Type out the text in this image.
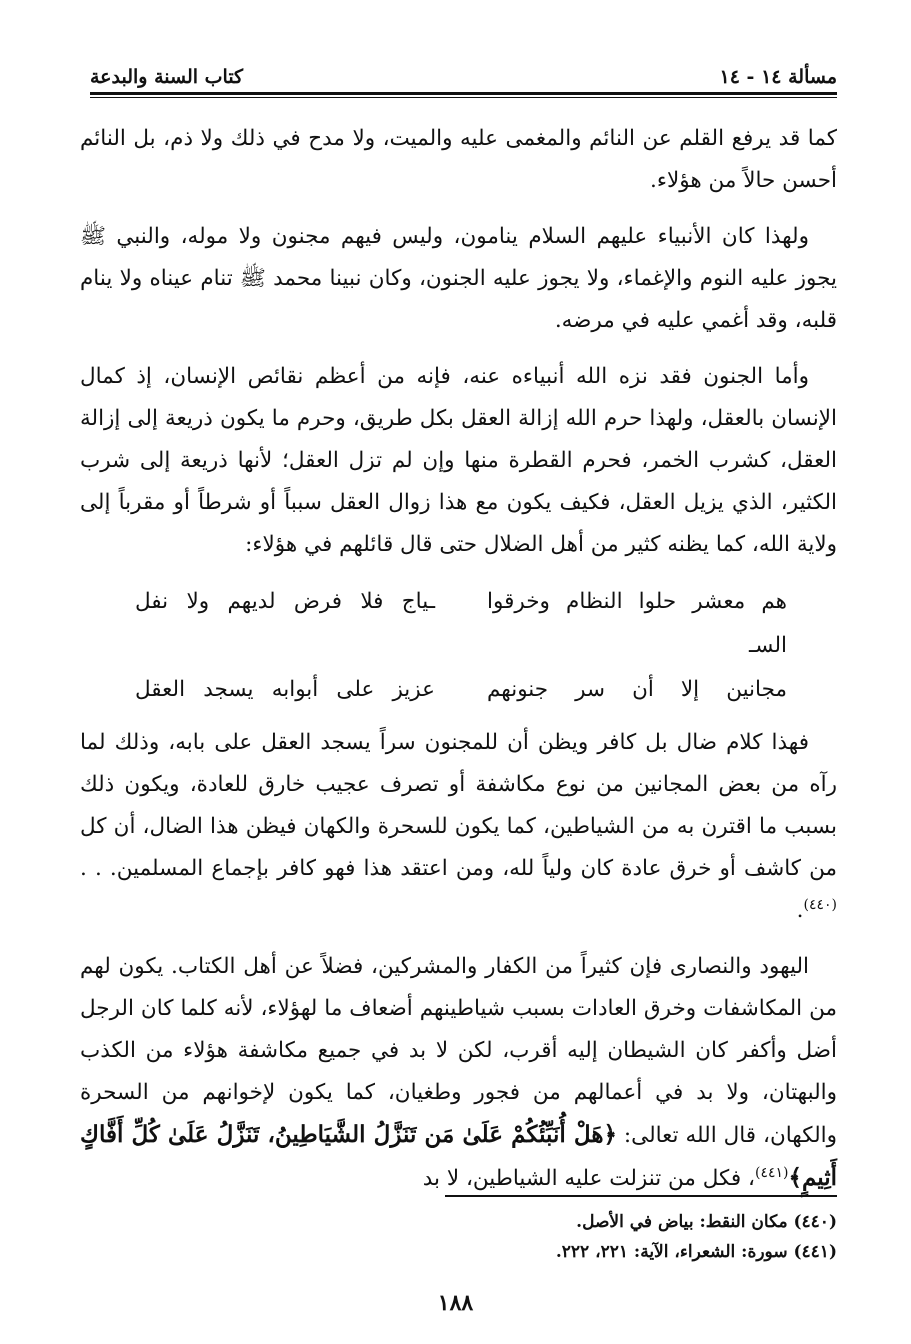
مسألة ١٤ - ١٤
كتاب السنة والبدعة

كما قد يرفع القلم عن النائم والمغمى عليه والميت، ولا مدح في ذلك ولا ذم، بل النائم أحسن حالاً من هؤلاء.

ولهذا كان الأنبياء عليهم السلام ينامون، وليس فيهم مجنون ولا موله، والنبي ﷺ يجوز عليه النوم والإغماء، ولا يجوز عليه الجنون، وكان نبينا محمد ﷺ تنام عيناه ولا ينام قلبه، وقد أغمي عليه في مرضه.

وأما الجنون فقد نزه الله أنبياءه عنه، فإنه من أعظم نقائص الإنسان، إذ كمال الإنسان بالعقل، ولهذا حرم الله إزالة العقل بكل طريق، وحرم ما يكون ذريعة إلى إزالة العقل، كشرب الخمر، فحرم القطرة منها وإن لم تزل العقل؛ لأنها ذريعة إلى شرب الكثير، الذي يزيل العقل، فكيف يكون مع هذا زوال العقل سبباً أو شرطاً أو مقرباً إلى ولاية الله، كما يظنه كثير من أهل الضلال حتى قال قائلهم في هؤلاء:

هم معشر حلوا النظام وخرقوا السـ
ـياج فلا فرض لديهم ولا نفل
مجانين إلا أن سر جنونهم
عزيز على أبوابه يسجد العقل

فهذا كلام ضال بل كافر ويظن أن للمجنون سراً يسجد العقل على بابه، وذلك لما رآه من بعض المجانين من نوع مكاشفة أو تصرف عجيب خارق للعادة، ويكون ذلك بسبب ما اقترن به من الشياطين، كما يكون للسحرة والكهان فيظن هذا الضال، أن كل من كاشف أو خرق عادة كان ولياً لله، ومن اعتقد هذا فهو كافر بإجماع المسلمين. . .$^{(٤٤٠)}$.

اليهود والنصارى فإن كثيراً من الكفار والمشركين، فضلاً عن أهل الكتاب. يكون لهم من المكاشفات وخرق العادات بسبب شياطينهم أضعاف ما لهؤلاء، لأنه كلما كان الرجل أضل وأكفر كان الشيطان إليه أقرب، لكن لا بد في جميع مكاشفة هؤلاء من الكذب والبهتان، ولا بد في أعمالهم من فجور وطغيان، كما يكون لإخوانهم من السحرة والكهان، قال الله تعالى: ﴿هَلْ أُنَبِّئُكُمْ عَلَىٰ مَن تَنَزَّلُ الشَّيَاطِينُ، تَنَزَّلُ عَلَىٰ كُلِّ أَفَّاكٍ أَثِيمٍ﴾$^{(٤٤١)}$، فكل من تنزلت عليه الشياطين، لا بد

(٤٤٠) مكان النقط: بياض في الأصل.
(٤٤١) سورة: الشعراء، الآية: ٢٢١، ٢٢٢.
١٨٨
